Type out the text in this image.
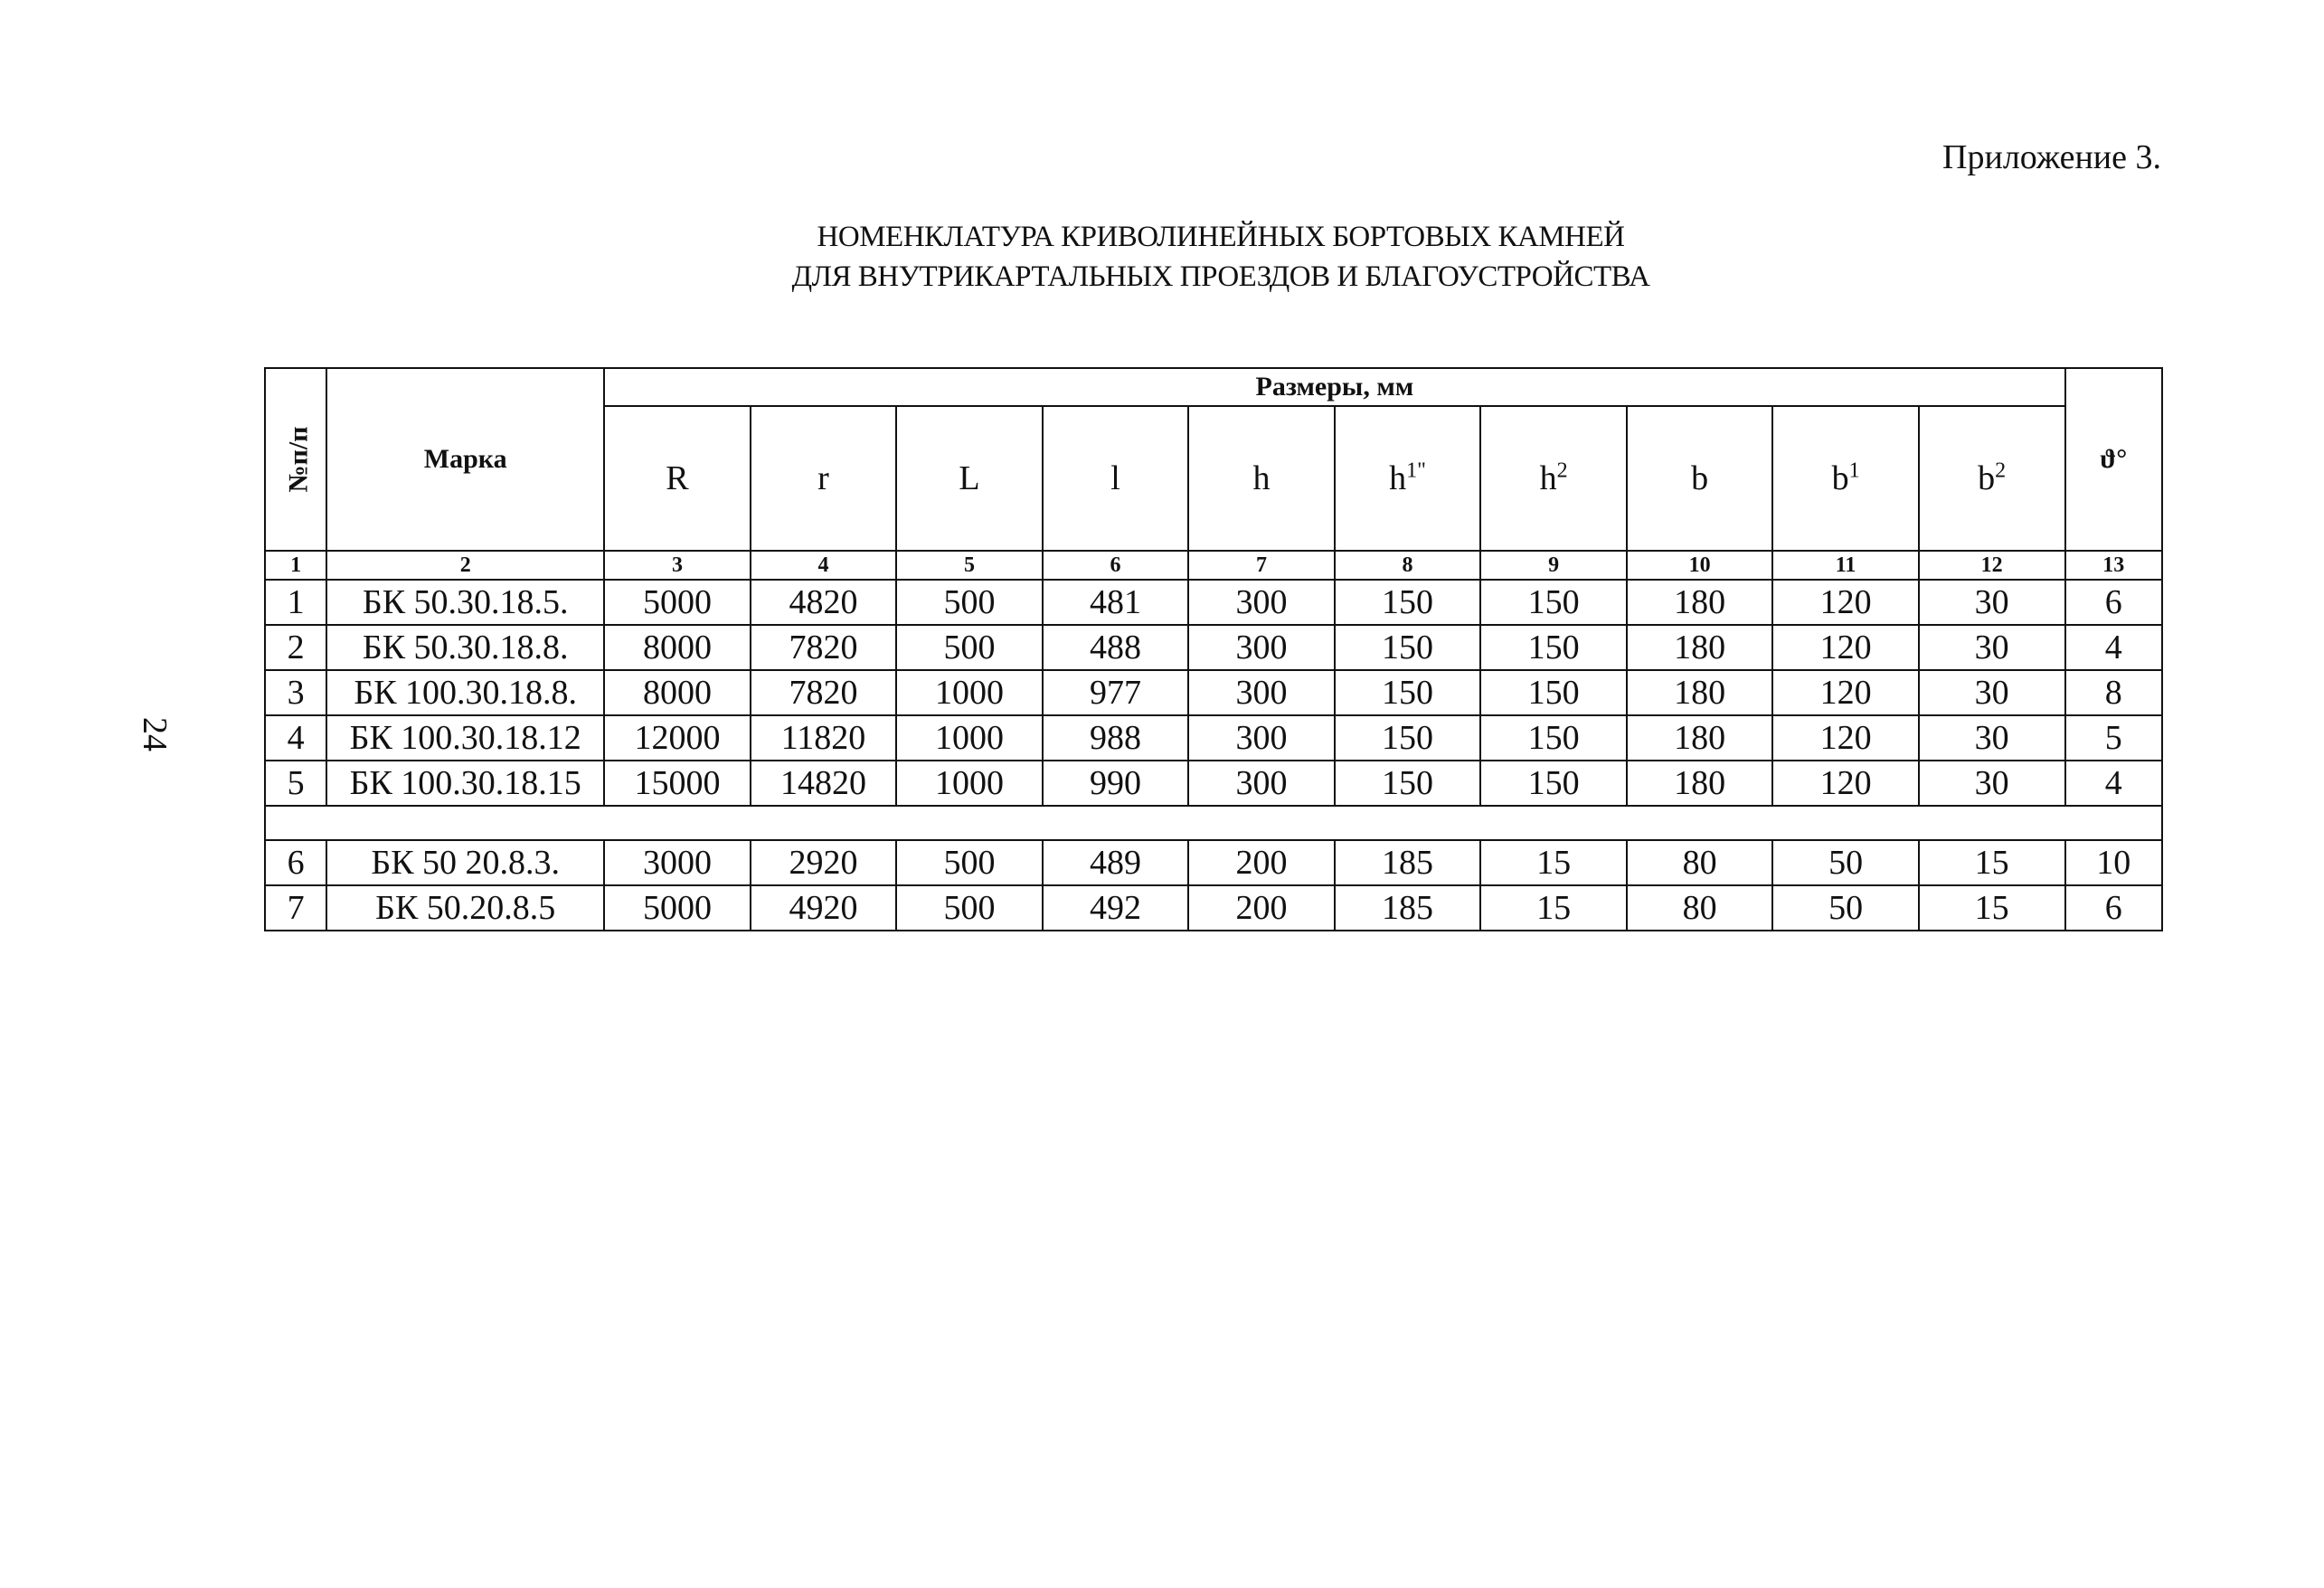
Приложение 3.
НОМЕНКЛАТУРА КРИВОЛИНЕЙНЫХ БОРТОВЫХ КАМНЕЙ
ДЛЯ ВНУТРИКАРТАЛЬНЫХ ПРОЕЗДОВ И БЛАГОУСТРОЙСТВА
24
№п/п	Марка	Размеры, мм										ϑ°
		R	r	L	l	h	$h^{1"}$	$h^2$	b	$b^1$	$b^2$
1	2	3	4	5	6	7	8	9	10	11	12	13
1	БК 50.30.18.5.	5000	4820	500	481	300	150	150	180	120	30	6
2	БК 50.30.18.8.	8000	7820	500	488	300	150	150	180	120	30	4
3	БК 100.30.18.8.	8000	7820	1000	977	300	150	150	180	120	30	8
4	БК 100.30.18.12	12000	11820	1000	988	300	150	150	180	120	30	5
5	БК 100.30.18.15	15000	14820	1000	990	300	150	150	180	120	30	4

6	БК 50 20.8.3.	3000	2920	500	489	200	185	15	80	50	15	10
7	БК 50.20.8.5	5000	4920	500	492	200	185	15	80	50	15	6
